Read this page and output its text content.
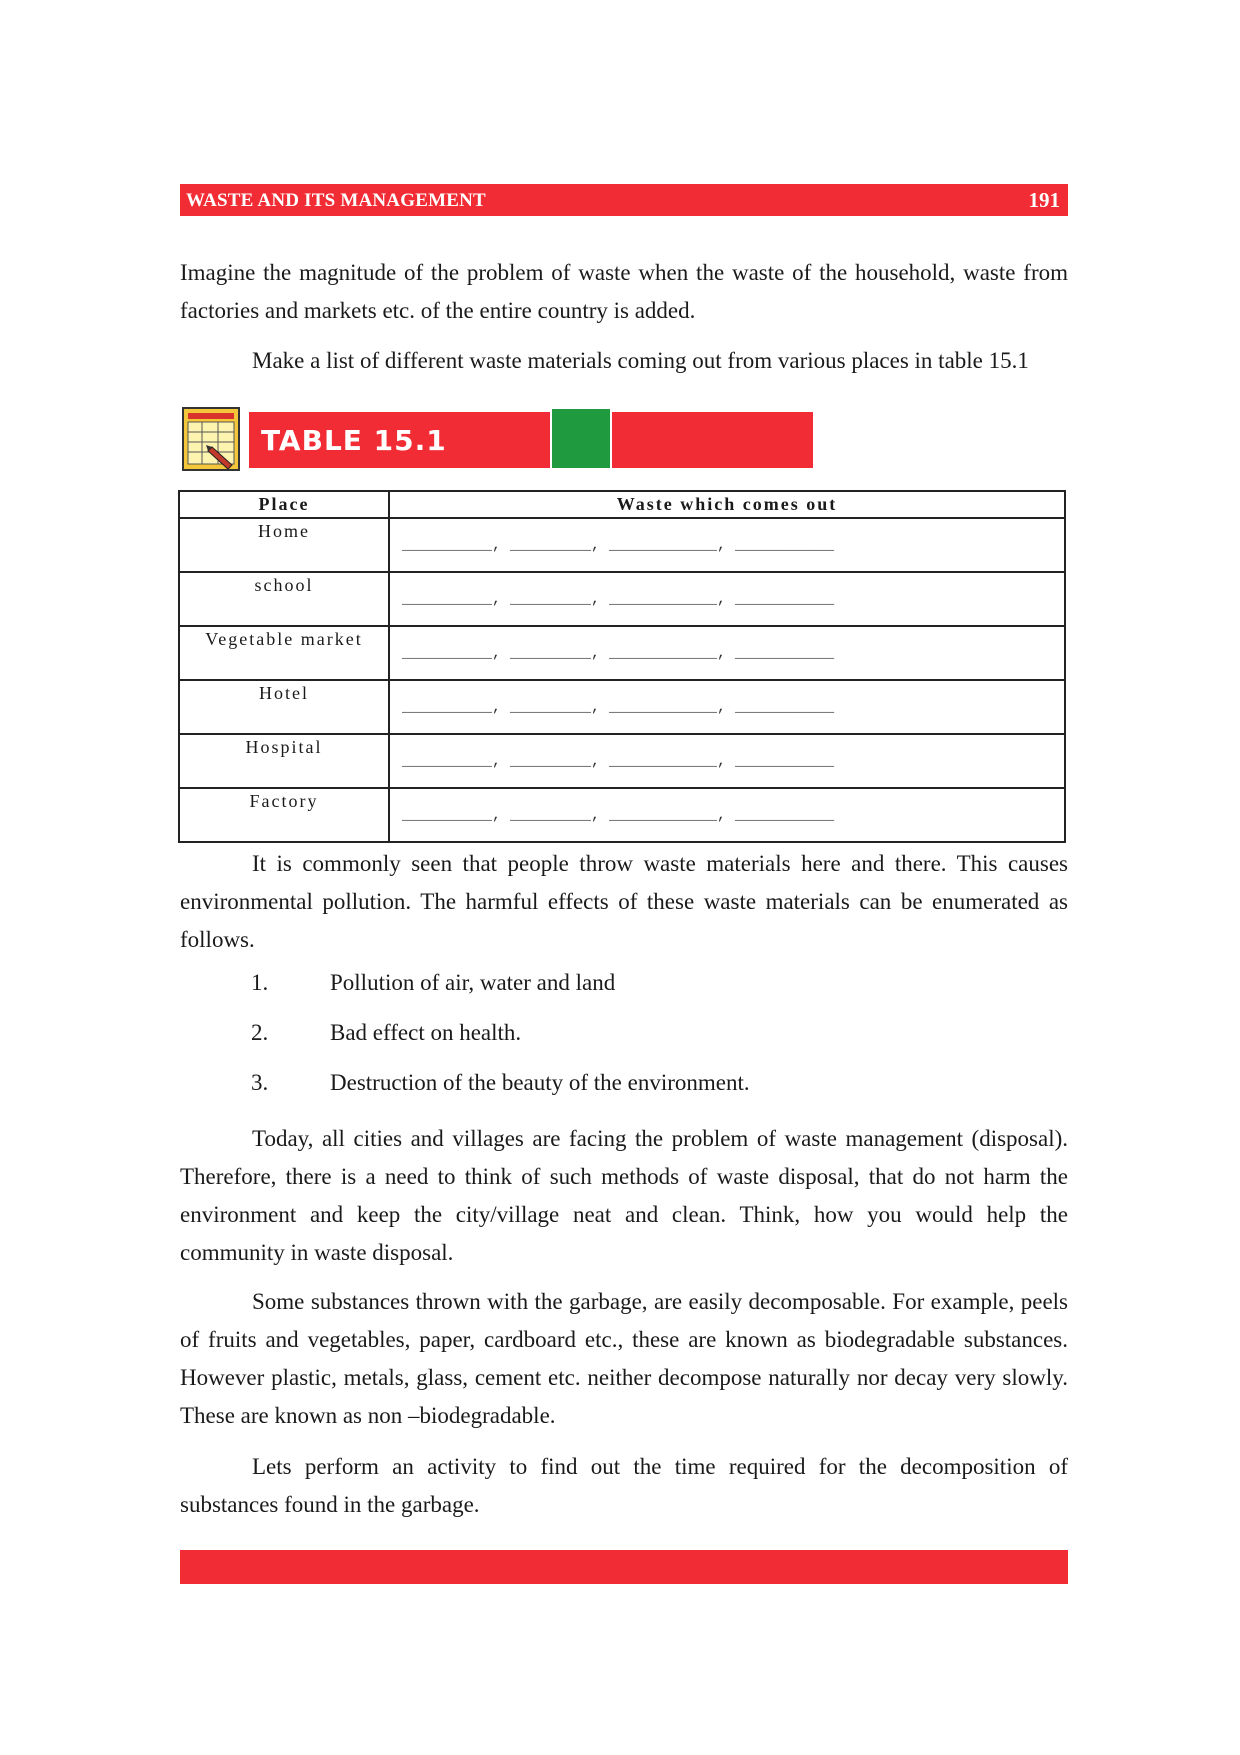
WASTE AND ITS MANAGEMENT	191

Imagine the magnitude of the problem of waste when the waste of the household, waste from factories and markets etc. of the entire country is added.

Make a list of different waste materials coming out from various places in table 15.1

TABLE 15.1
Place	Waste which comes out
Home	__________, _________, ____________, ___________
school	__________, _________, ____________, ___________
Vegetable market	__________, _________, ____________, ___________
Hotel	__________, _________, ____________, ___________
Hospital	__________, _________, ____________, ___________
Factory	__________, _________, ____________, ___________

It is commonly seen that people throw waste materials here and there. This causes environmental pollution. The harmful effects of these waste materials can be enumerated as follows.

1.	Pollution of air, water and land
2.	Bad effect on health.
3.	Destruction of the beauty of the environment.

Today, all cities and villages are facing the problem of waste management (disposal). Therefore, there is a need to think of such methods of waste disposal, that do not harm the environment and keep the city/village neat and clean. Think, how you would help the community in waste disposal.

Some substances thrown with the garbage, are easily decomposable. For example, peels of fruits and vegetables, paper, cardboard etc., these are known as biodegradable substances. However plastic, metals, glass, cement etc. neither decompose naturally nor decay very slowly. These are known as non –biodegradable.

Lets perform an activity to find out the time required for the decomposition of substances found in the garbage.
